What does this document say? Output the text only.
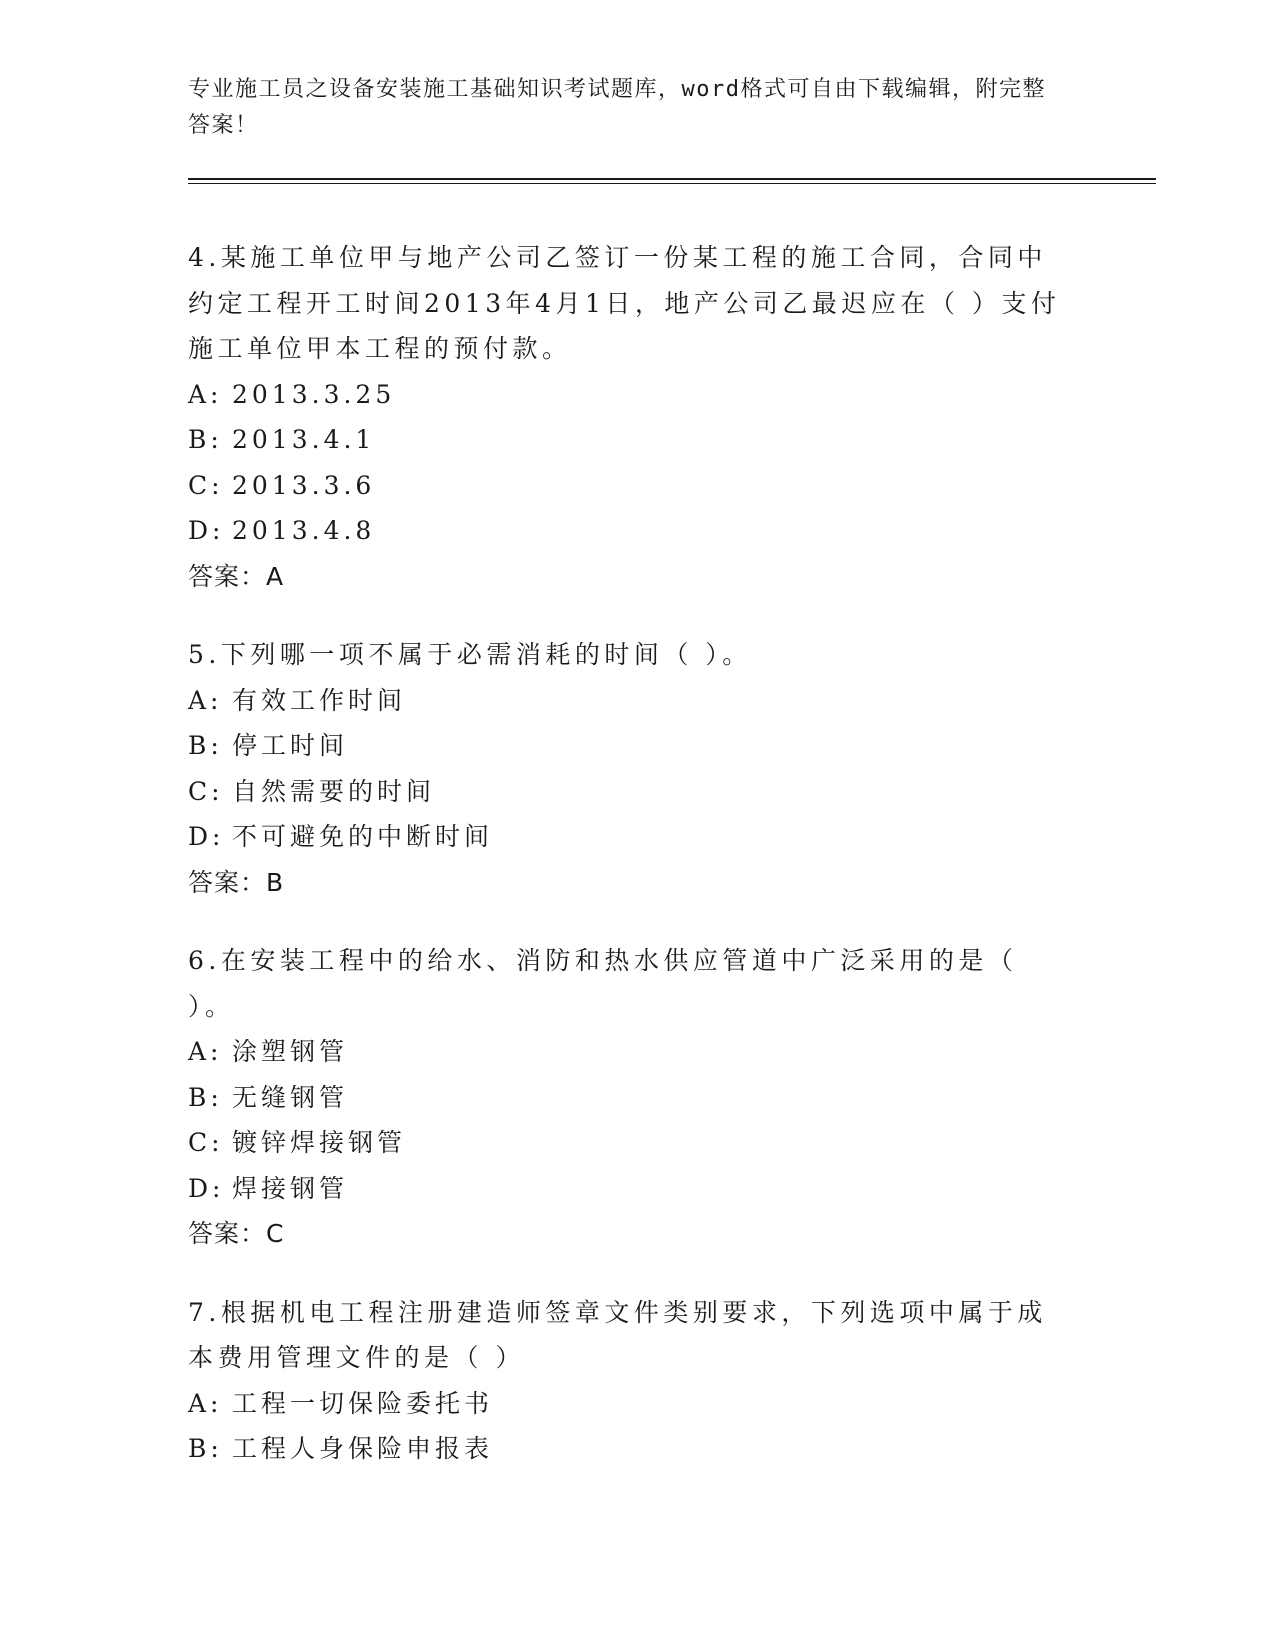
专业施工员之设备安装施工基础知识考试题库，word格式可自由下载编辑，附完整答案！
4.某施工单位甲与地产公司乙签订一份某工程的施工合同，合同中约定工程开工时间2013年4月1日，地产公司乙最迟应在（ ）支付施工单位甲本工程的预付款。
A: 2013.3.25
B: 2013.4.1
C: 2013.3.6
D: 2013.4.8
答案：A
5.下列哪一项不属于必需消耗的时间（ ）。
A: 有效工作时间
B: 停工时间
C: 自然需要的时间
D: 不可避免的中断时间
答案：B
6.在安装工程中的给水、消防和热水供应管道中广泛采用的是（ ）。
A: 涂塑钢管
B: 无缝钢管
C: 镀锌焊接钢管
D: 焊接钢管
答案：C
7.根据机电工程注册建造师签章文件类别要求，下列选项中属于成本费用管理文件的是（ ）
A: 工程一切保险委托书
B: 工程人身保险申报表
